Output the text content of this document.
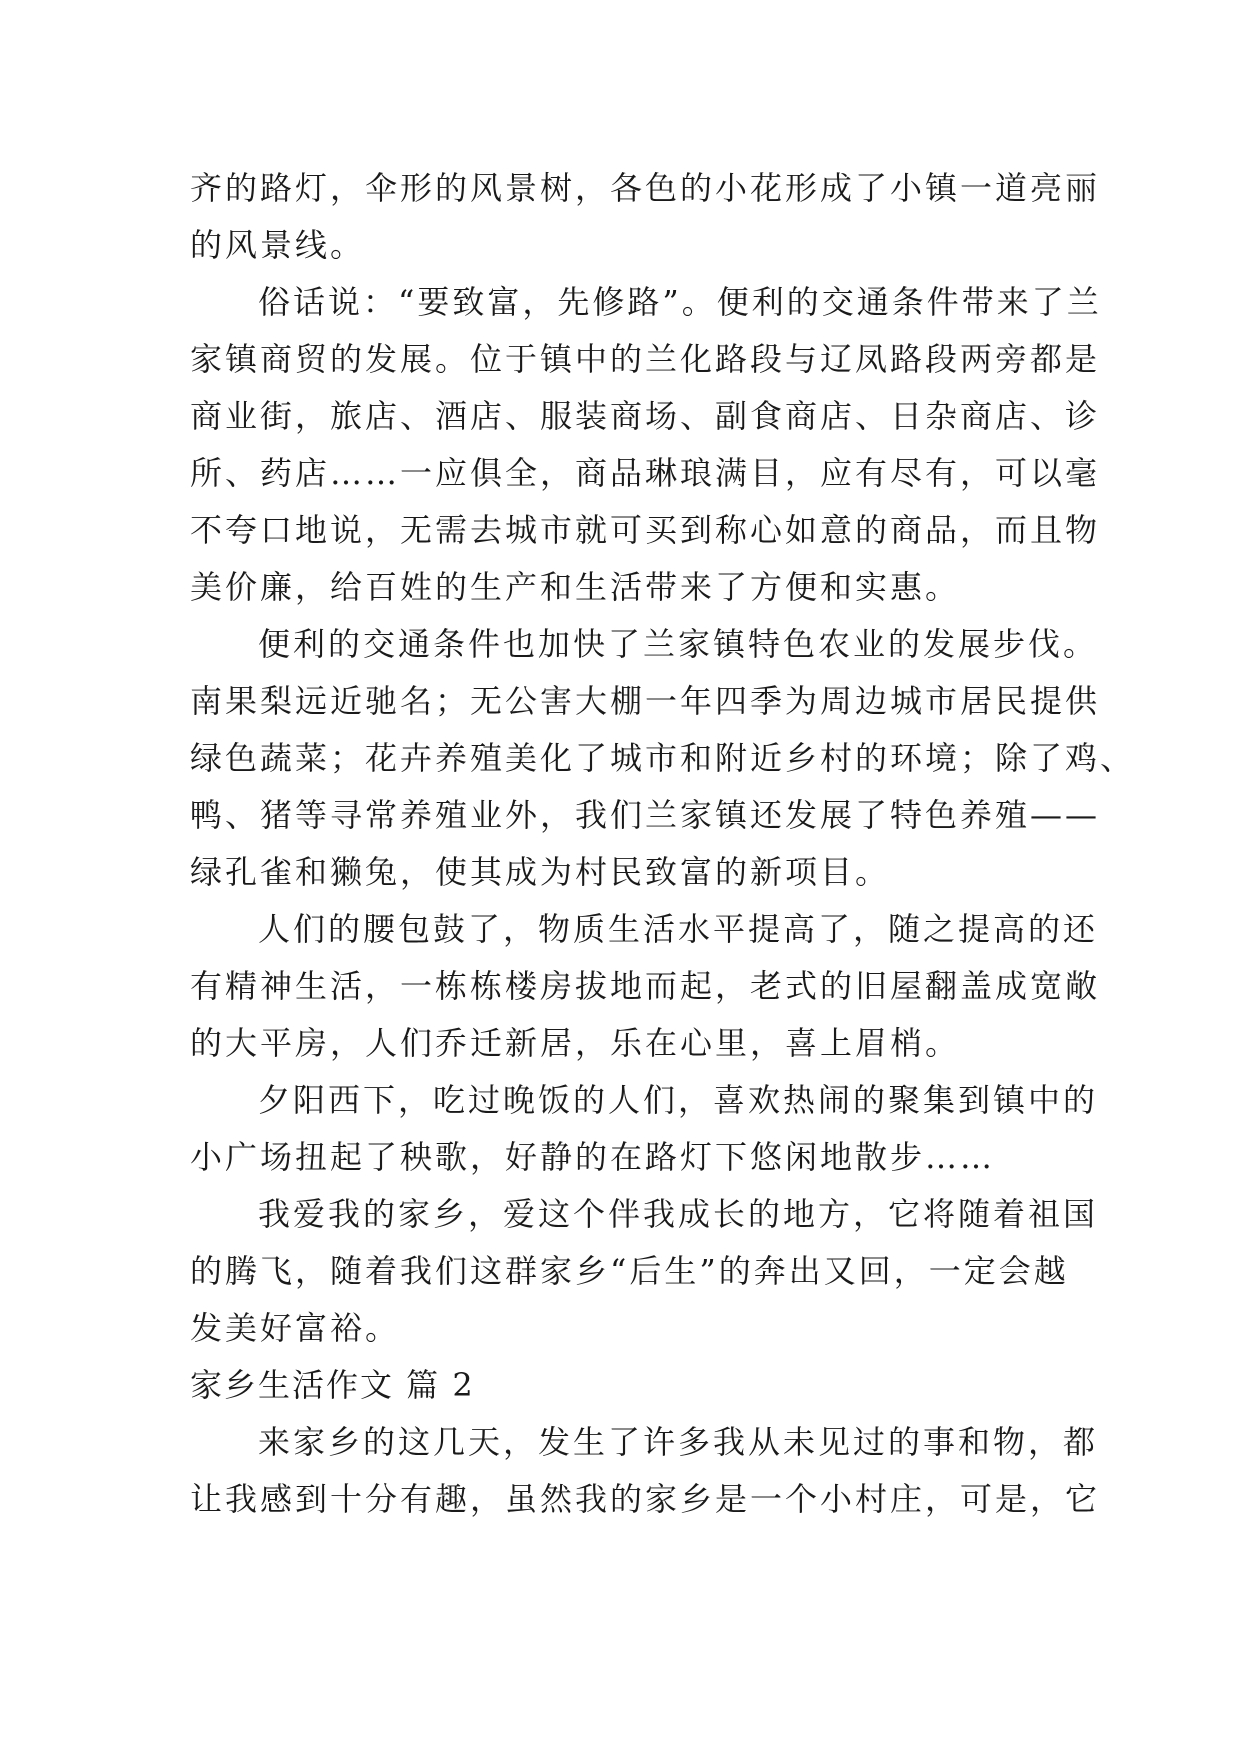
齐的路灯，伞形的风景树，各色的小花形成了小镇一道亮丽
的风景线。
俗话说：“要致富，先修路”。便利的交通条件带来了兰
家镇商贸的发展。位于镇中的兰化路段与辽凤路段两旁都是
商业街，旅店、酒店、服装商场、副食商店、日杂商店、诊
所、药店……一应俱全，商品琳琅满目，应有尽有，可以毫
不夸口地说，无需去城市就可买到称心如意的商品，而且物
美价廉，给百姓的生产和生活带来了方便和实惠。
便利的交通条件也加快了兰家镇特色农业的发展步伐。
南果梨远近驰名；无公害大棚一年四季为周边城市居民提供
绿色蔬菜；花卉养殖美化了城市和附近乡村的环境；除了鸡、
鸭、猪等寻常养殖业外，我们兰家镇还发展了特色养殖——
绿孔雀和獭兔，使其成为村民致富的新项目。
人们的腰包鼓了，物质生活水平提高了，随之提高的还
有精神生活，一栋栋楼房拔地而起，老式的旧屋翻盖成宽敞
的大平房，人们乔迁新居，乐在心里，喜上眉梢。
夕阳西下，吃过晚饭的人们，喜欢热闹的聚集到镇中的
小广场扭起了秧歌，好静的在路灯下悠闲地散步……
我爱我的家乡，爱这个伴我成长的地方，它将随着祖国
的腾飞，随着我们这群家乡“后生”的奔出又回，一定会越
发美好富裕。
家乡生活作文 篇 2
来家乡的这几天，发生了许多我从未见过的事和物，都
让我感到十分有趣，虽然我的家乡是一个小村庄，可是，它
